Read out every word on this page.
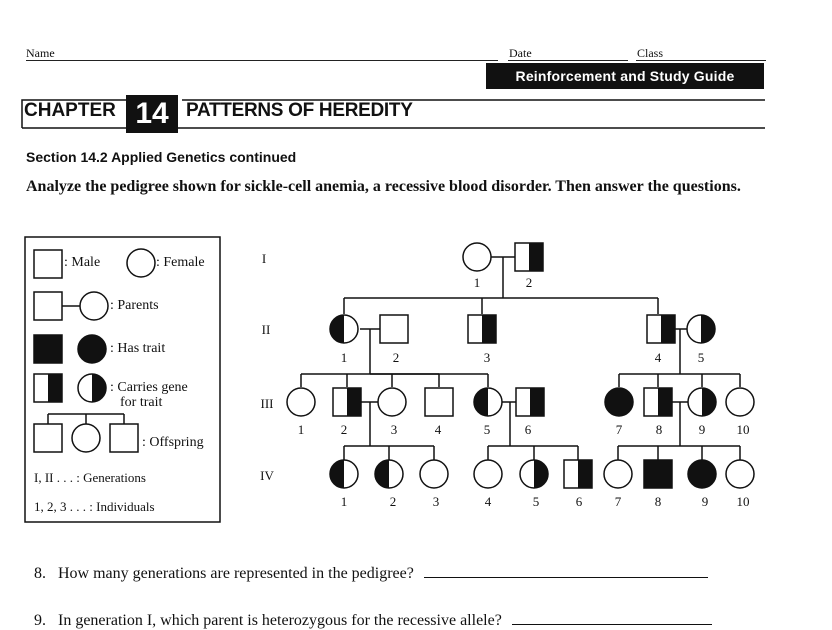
Name	Date	Class
Reinforcement and Study Guide
CHAPTER 14 PATTERNS OF HEREDITY
Section 14.2 Applied Genetics continued
Analyze the pedigree shown for sickle-cell anemia, a recessive blood disorder. Then answer the questions.
: Male	: Female
: Parents
: Has trait
: Carries gene
for trait
: Offspring
I, II . . . : Generations
1, 2, 3 . . . : Individuals
I
II
III
IV
1	2
1	2	3	4	5
1	2	3	4	5	6	7	8	9 10
1	2	3	4	5	6	7	8	9 10
8. How many generations are represented in the pedigree?
9. In generation I, which parent is heterozygous for the recessive allele?
